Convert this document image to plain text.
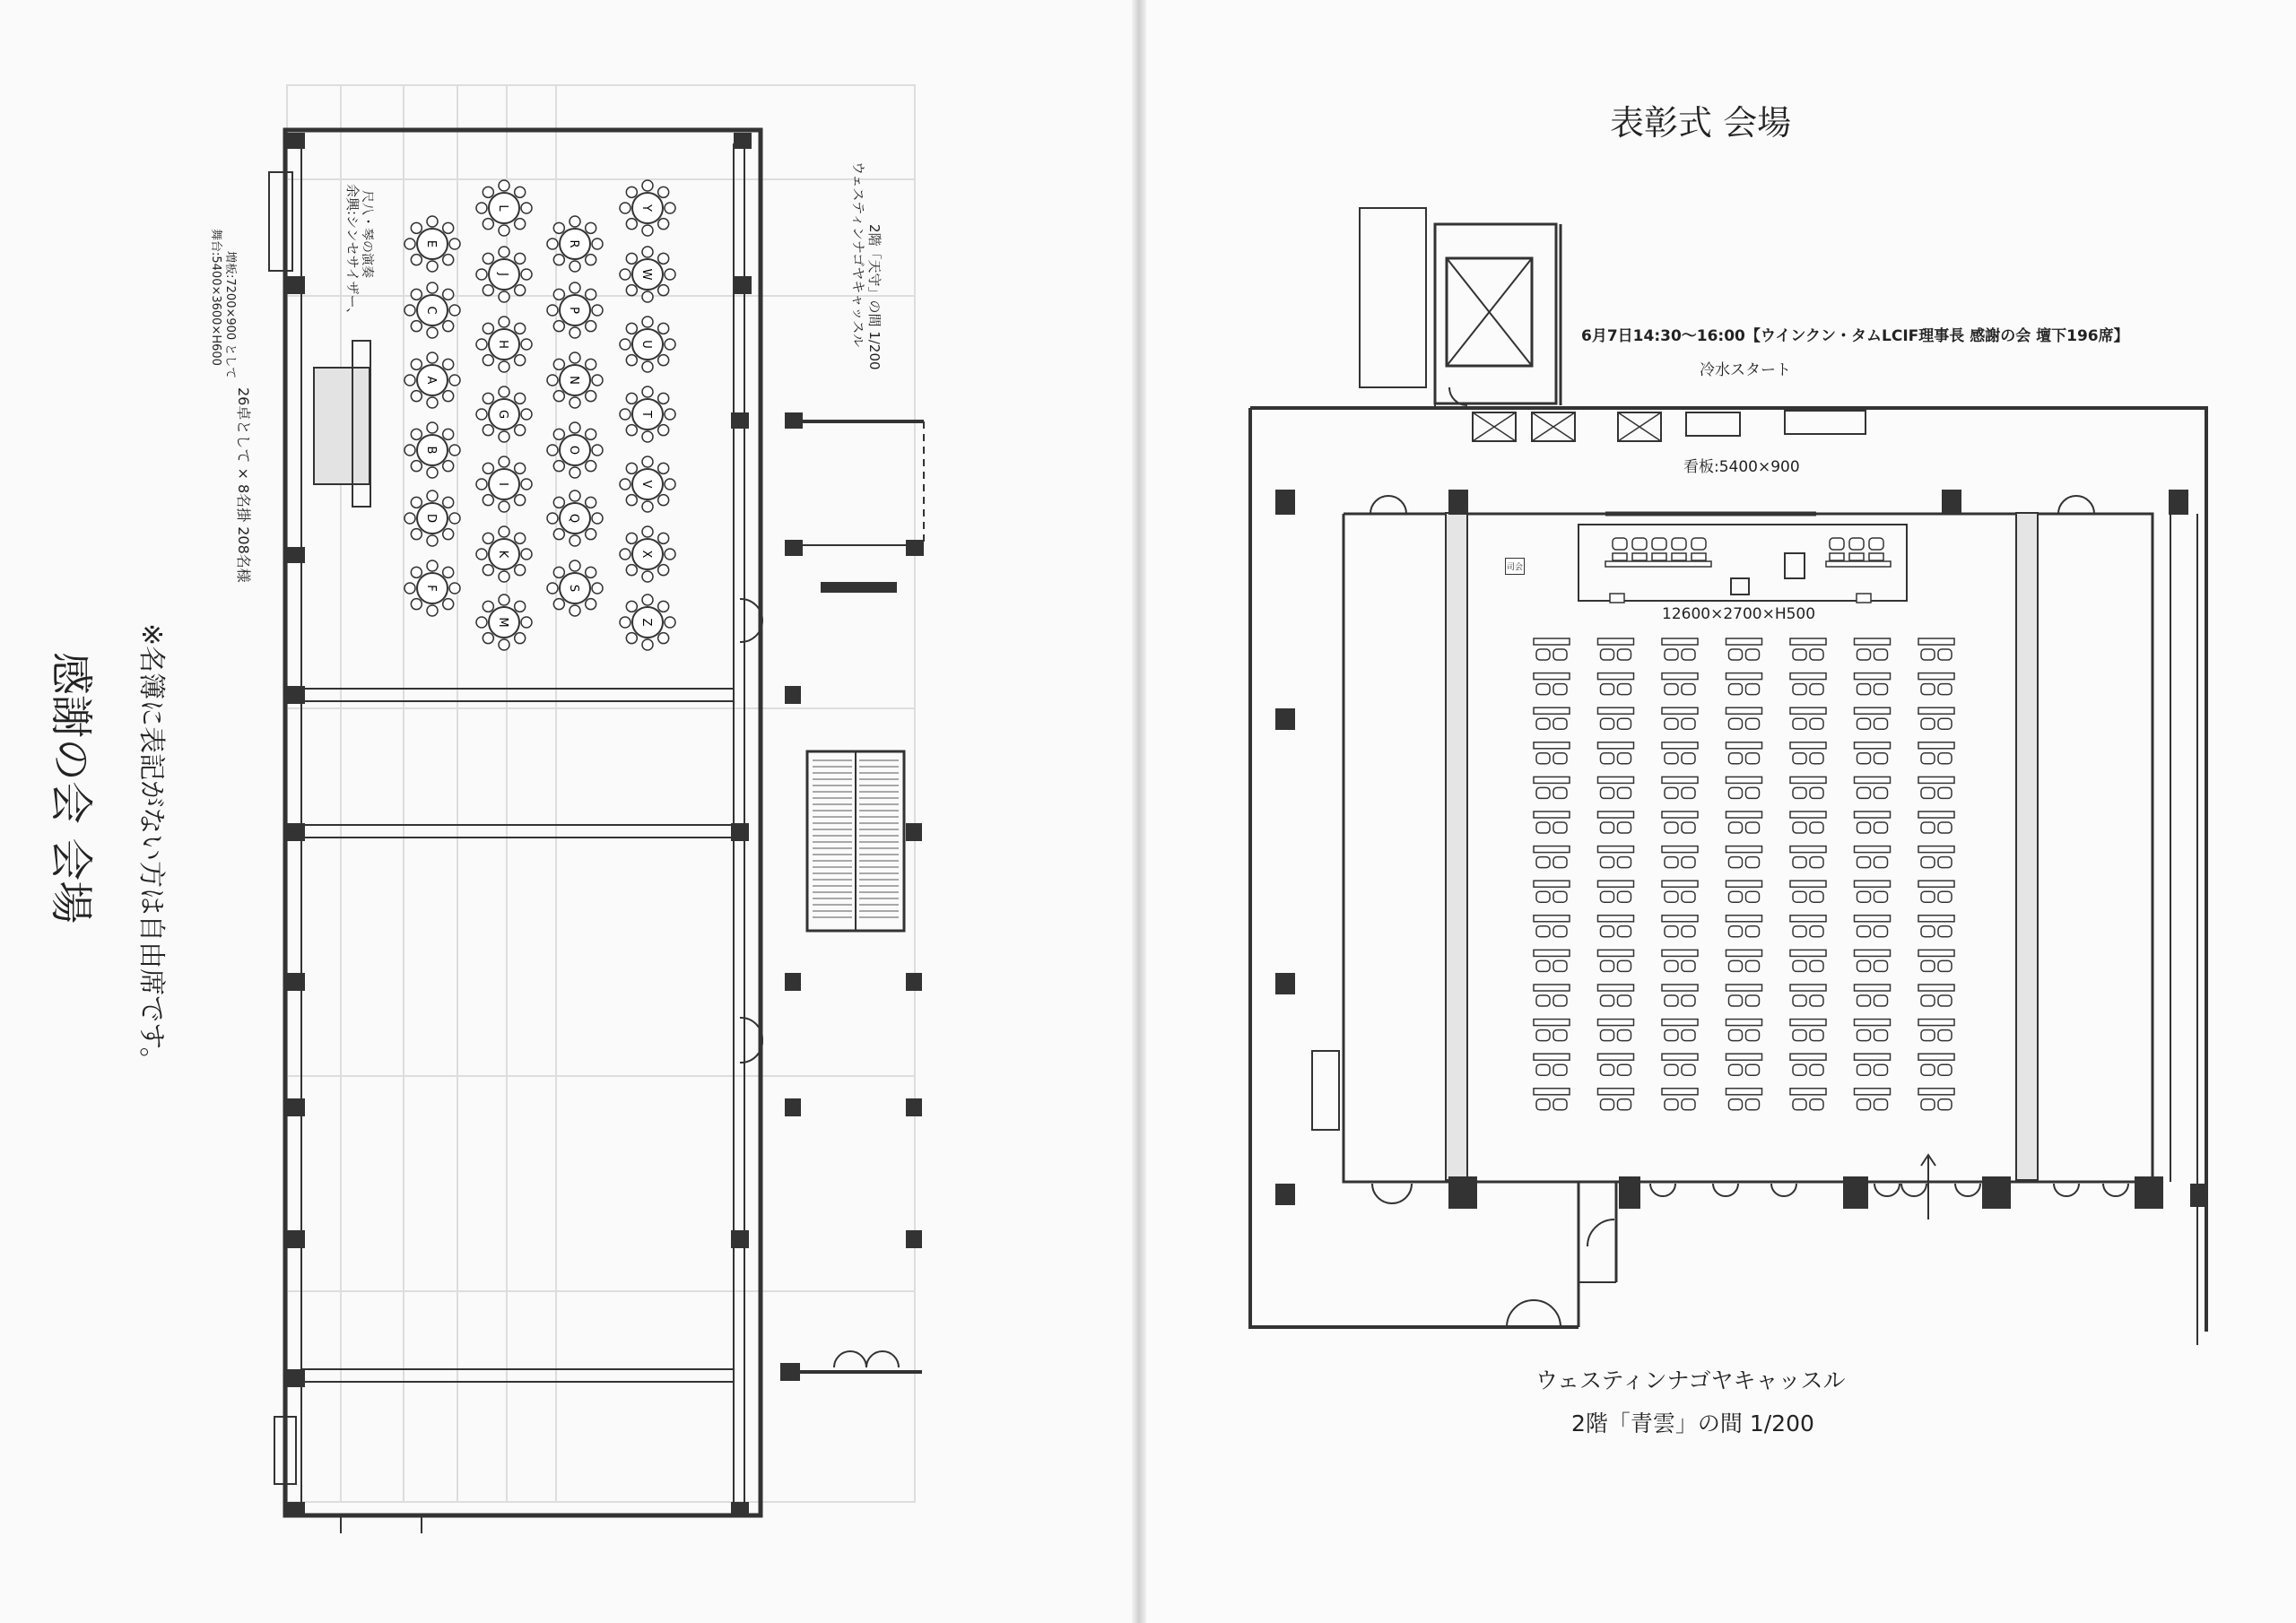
E
C
A
B
D
F
L
J
H
G
I
K
M
R
P
N
O
Q
S
Y
W
U
T
V
X
Z
感謝の会 会場	※名簿に表記がない方は自由席です。
舞台:5400×3600×H600 増板:7200×900 として	余興:シンセサイザー、 尺八・琴の演奏
26卓として × 8名掛 208名様
ウェスティンナゴヤキャッスル 2階「天守」の間 1/200
表彰式 会場
6月7日14:30〜16:00【ウインクン・タムLCIF理事長 感謝の会 壇下196席】
冷水スタート
看板:5400×900
12600×2700×H500
司会
ウェスティンナゴヤキャッスル
2階「青雲」の間 1/200
